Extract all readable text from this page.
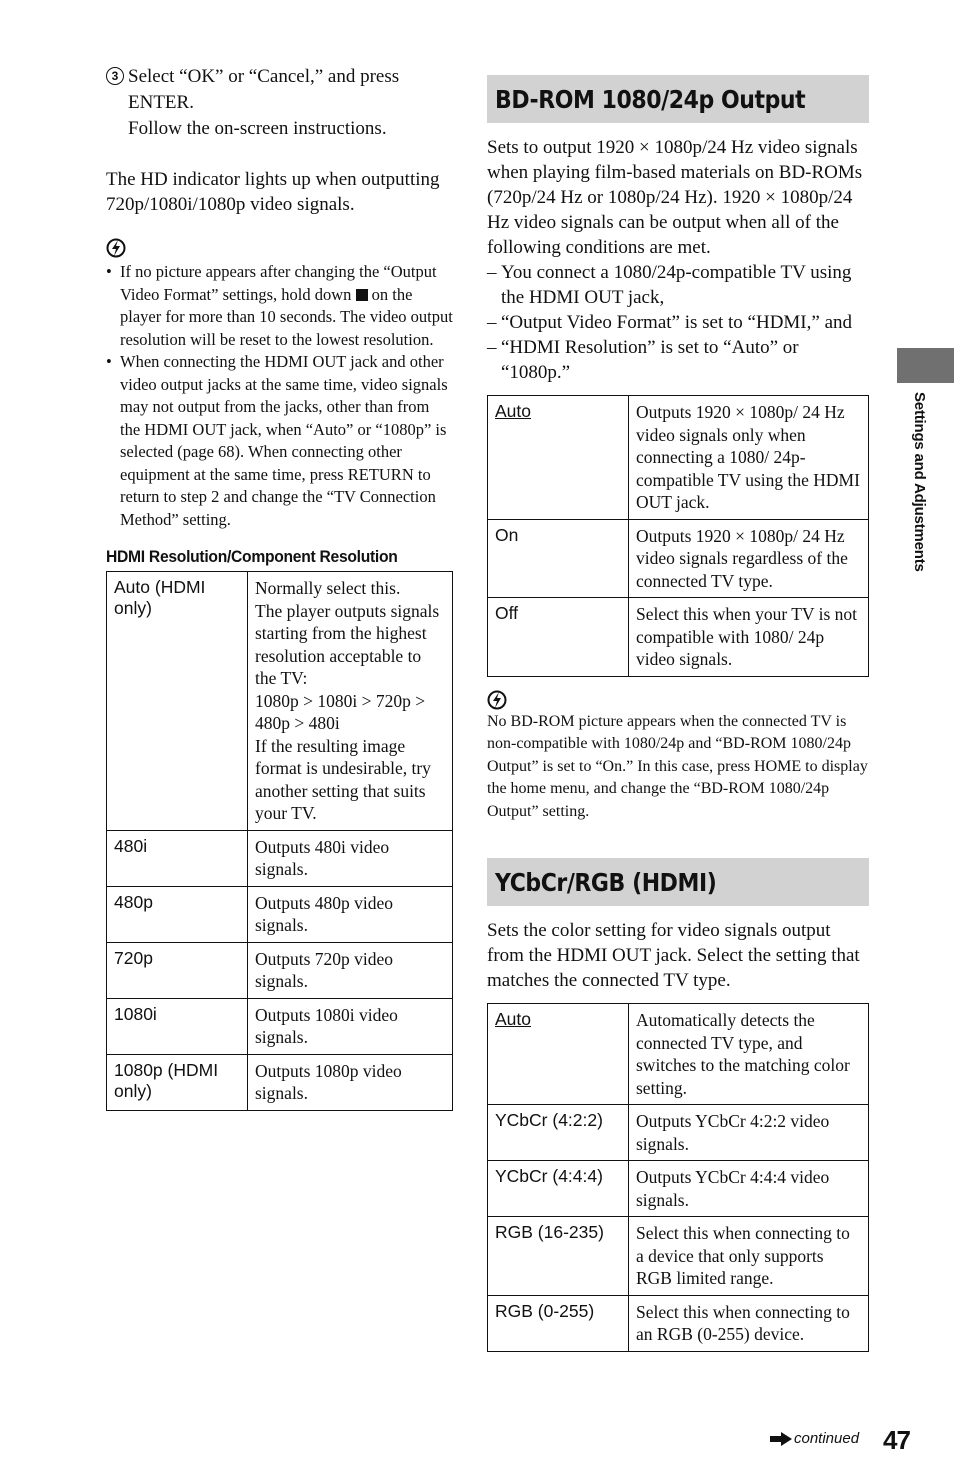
3 Select “OK” or “Cancel,” and press ENTER.

Follow the on-screen instructions.

The HD indicator lights up when outputting 720p/1080i/1080p video signals.

• If no picture appears after changing the “Output Video Format” settings, hold down on the player for more than 10 seconds. The video output resolution will be reset to the lowest resolution.
• When connecting the HDMI OUT jack and other video output jacks at the same time, video signals may not output from the jacks, other than from the HDMI OUT jack, when “Auto” or “1080p” is selected (page 68). When connecting other equipment at the same time, press RETURN to return to step 2 and change the “TV Connection Method” setting.

HDMI Resolution/Component Resolution

Auto (HDMI only)	Normally select this.
The player outputs signals starting from the highest resolution acceptable to the TV:
1080p > 1080i > 720p > 480p > 480i
If the resulting image format is undesirable, try another setting that suits your TV.

480i	Outputs 480i video signals.
480p	Outputs 480p video signals.
720p	Outputs 720p video signals.
1080i	Outputs 1080i video signals.
1080p (HDMI only)	Outputs 1080p video signals.
BD-ROM 1080/24p Output

Sets to output 1920 × 1080p/24 Hz video signals when playing film-based materials on BD-ROMs (720p/24 Hz or 1080p/24 Hz). 1920 × 1080p/24 Hz video signals can be output when all of the following conditions are met.

– You connect a 1080/24p-compatible TV using the HDMI OUT jack,
– “Output Video Format” is set to “HDMI,” and
– “HDMI Resolution” is set to “Auto” or “1080p.”
Auto	Outputs 1920 × 1080p/ 24 Hz video signals only when connecting a 1080/ 24p-compatible TV using the HDMI OUT jack.
On	Outputs 1920 × 1080p/ 24 Hz video signals regardless of the connected TV type.
Off	Select this when your TV is not compatible with 1080/ 24p video signals.

No BD-ROM picture appears when the connected TV is non-compatible with 1080/24p and “BD-ROM 1080/24p Output” is set to “On.” In this case, press HOME to display the home menu, and change the “BD-ROM 1080/24p Output” setting.

YCbCr/RGB (HDMI)

Sets the color setting for video signals output from the HDMI OUT jack. Select the setting that matches the connected TV type.

Auto	Automatically detects the connected TV type, and switches to the matching color setting.
YCbCr (4:2:2)	Outputs YCbCr 4:2:2 video signals.
YCbCr (4:4:4)	Outputs YCbCr 4:4:4 video signals.
RGB (16-235)	Select this when connecting to a device that only supports RGB limited range.
RGB (0-255)	Select this when connecting to an RGB (0-255) device.
Settings and Adjustments
continued 47
